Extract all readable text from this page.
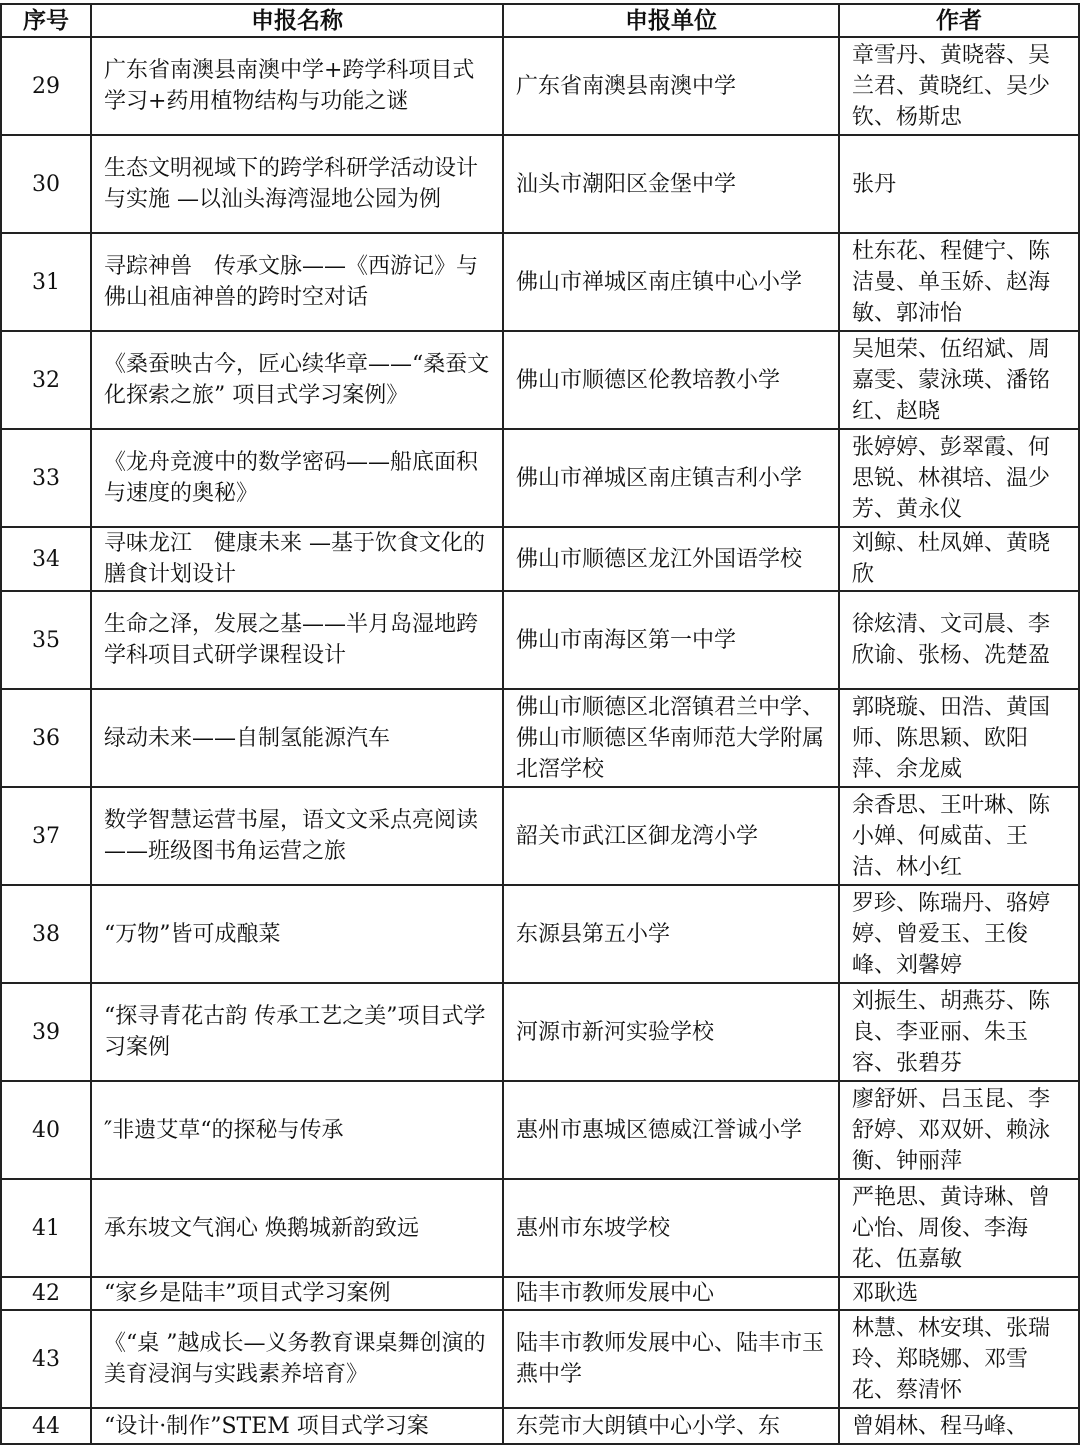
序号	申报名称	申报单位	作者
29	广东省南澳县南澳中学+跨学科项目式学习+药用植物结构与功能之谜	广东省南澳县南澳中学	章雪丹、黄晓蓉、吴兰君、黄晓红、吴少钦、杨斯忠
30	生态文明视域下的跨学科研学活动设计与实施 —以汕头海湾湿地公园为例	汕头市潮阳区金堡中学	张丹
31	寻踪神兽　传承文脉——《西游记》与佛山祖庙神兽的跨时空对话	佛山市禅城区南庄镇中心小学	杜东花、程健宁、陈洁曼、单玉娇、赵海敏、郭沛怡
32	《桑蚕映古今，匠心续华章——“桑蚕文化探索之旅” 项目式学习案例》	佛山市顺德区伦教培教小学	吴旭荣、伍绍斌、周嘉雯、蒙泳瑛、潘铭红、赵晓
33	《龙舟竞渡中的数学密码——船底面积与速度的奥秘》	佛山市禅城区南庄镇吉利小学	张婷婷、彭翠霞、何思锐、林祺培、温少芳、黄永仪
34	寻味龙江　健康未来 —基于饮食文化的膳食计划设计	佛山市顺德区龙江外国语学校	刘鲸、杜凤婵、黄晓欣
35	生命之泽，发展之基——半月岛湿地跨学科项目式研学课程设计	佛山市南海区第一中学	徐炫清、文司晨、李欣谕、张杨、冼楚盈
36	绿动未来——自制氢能源汽车	佛山市顺德区北滘镇君兰中学、佛山市顺德区华南师范大学附属北滘学校	郭晓璇、田浩、黄国师、陈思颖、欧阳萍、余龙威
37	数学智慧运营书屋，语文文采点亮阅读——班级图书角运营之旅	韶关市武江区御龙湾小学	余香思、王叶琳、陈小婵、何威苗、王洁、林小红
38	“万物”皆可成酿菜	东源县第五小学	罗珍、陈瑞丹、骆婷婷、曾爱玉、王俊峰、刘馨婷
39	“探寻青花古韵 传承工艺之美”项目式学习案例	河源市新河实验学校	刘振生、胡燕芬、陈良、李亚丽、朱玉容、张碧芬
40	″非遗艾草“的探秘与传承	惠州市惠城区德威江誉诚小学	廖舒妍、吕玉昆、李舒婷、邓双妍、赖泳衡、钟丽萍
41	承东坡文气润心 焕鹅城新韵致远	惠州市东坡学校	严艳思、黄诗琳、曾心怡、周俊、李海花、伍嘉敏
42	“家乡是陆丰”项目式学习案例	陆丰市教师发展中心	邓耿选
43	《“桌 ”越成长—义务教育课桌舞创演的美育浸润与实践素养培育》	陆丰市教师发展中心、陆丰市玉燕中学	林慧、林安琪、张瑞玲、郑晓娜、邓雪花、蔡清怀
44	“设计·制作”STEM 项目式学习案	东莞市大朗镇中心小学、东	曾娟林、程马峰、
